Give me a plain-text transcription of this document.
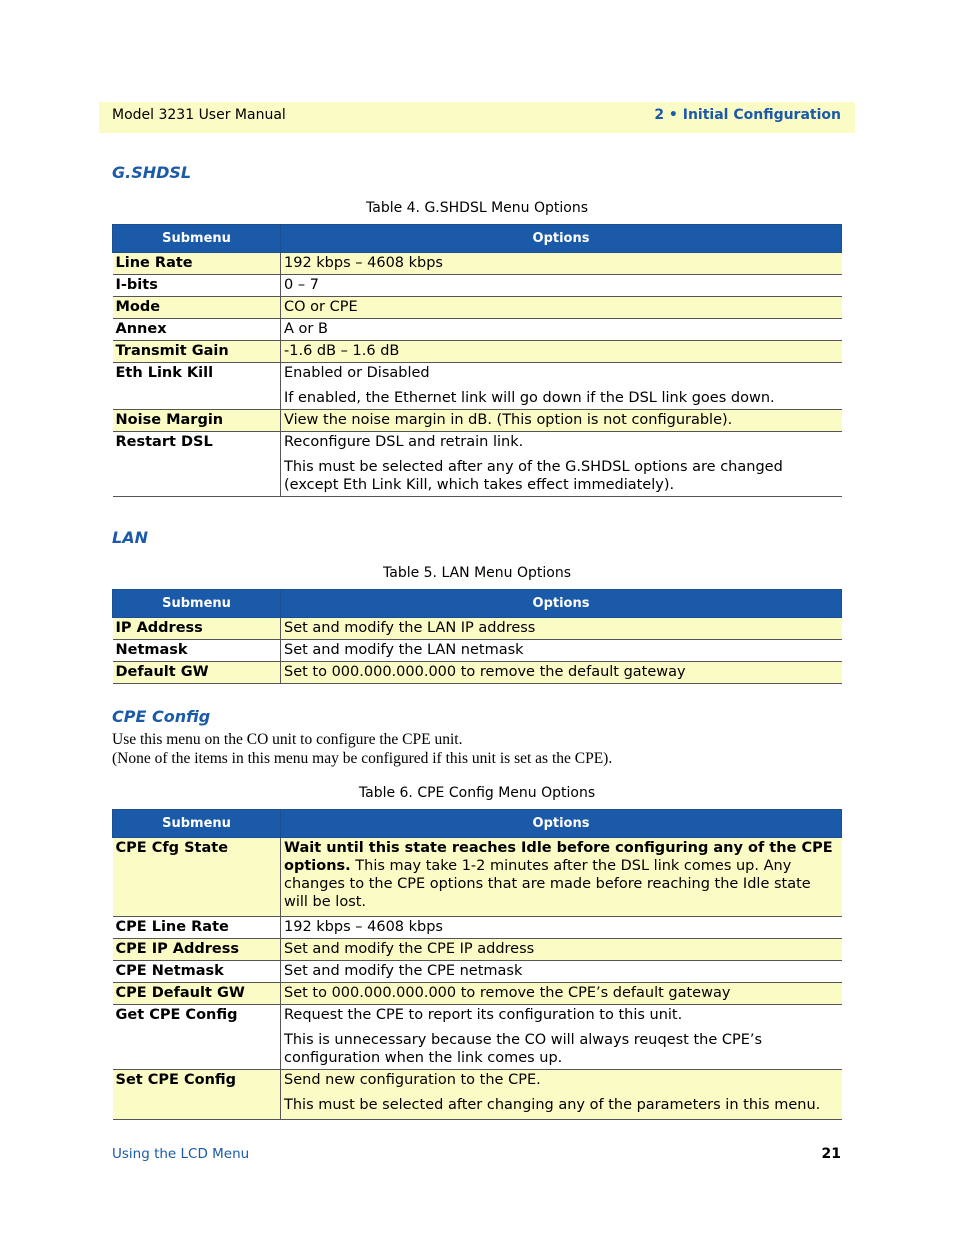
Model 3231 User Manual	2 • Initial Configuration
G.SHDSL
Table 4. G.SHDSL Menu Options
Submenu	Options
Line Rate	192 kbps – 4608 kbps

I-bits	0 – 7

Mode	CO or CPE

Annex	A or B

Transmit Gain	-1.6 dB – 1.6 dB

Eth Link Kill	Enabled or Disabled

If enabled, the Ethernet link will go down if the DSL link goes down.

Noise Margin	View the noise margin in dB. (This option is not configurable).

Restart DSL	Reconfigure DSL and retrain link.

This must be selected after any of the G.SHDSL options are changed (except Eth Link Kill, which takes effect immediately).

LAN
Table 5. LAN Menu Options
Submenu	Options
IP Address	Set and modify the LAN IP address

Netmask	Set and modify the LAN netmask

Default GW	Set to 000.000.000.000 to remove the default gateway

CPE Config
Use this menu on the CO unit to configure the CPE unit.
(None of the items in this menu may be configured if this unit is set as the CPE).
Table 6. CPE Config Menu Options
Submenu	Options
CPE Cfg State	Wait until this state reaches Idle before configuring any of the CPE options. This may take 1-2 minutes after the DSL link comes up. Any changes to the CPE options that are made before reaching the Idle state will be lost.

CPE Line Rate	192 kbps – 4608 kbps

CPE IP Address	Set and modify the CPE IP address

CPE Netmask	Set and modify the CPE netmask

CPE Default GW	Set to 000.000.000.000 to remove the CPE’s default gateway

Get CPE Config	Request the CPE to report its configuration to this unit.

This is unnecessary because the CO will always reuqest the CPE’s configuration when the link comes up.

Set CPE Config	Send new configuration to the CPE.

This must be selected after changing any of the parameters in this menu.

Using the LCD Menu	21
